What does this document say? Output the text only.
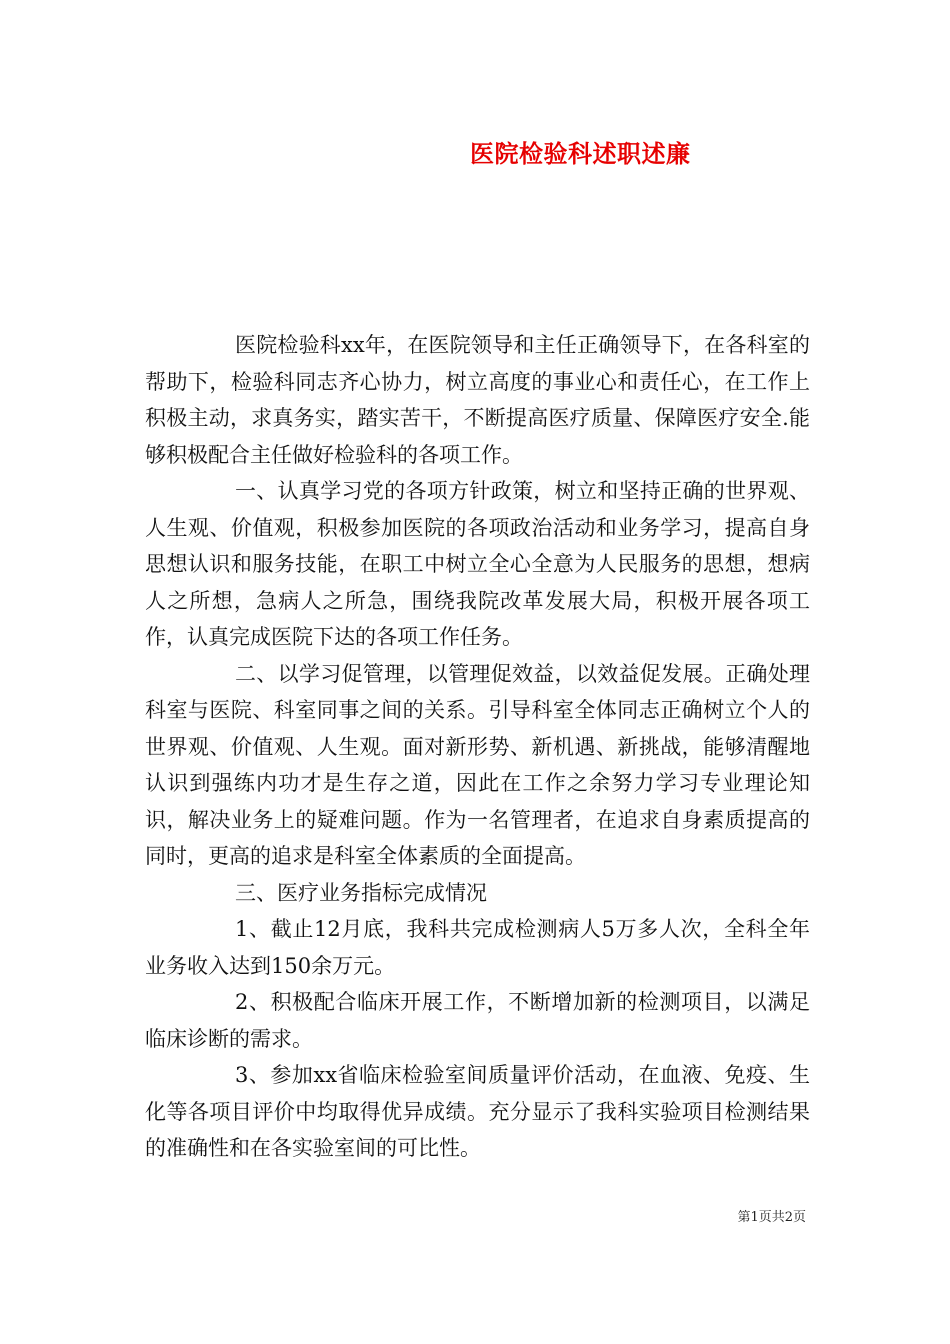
医院检验科述职述廉

医院检验科xx年，在医院领导和主任正确领导下，在各科室的帮助下，检验科同志齐心协力，树立高度的事业心和责任心，在工作上积极主动，求真务实，踏实苦干，不断提高医疗质量、保障医疗安全.能够积极配合主任做好检验科的各项工作。

一、认真学习党的各项方针政策，树立和坚持正确的世界观、人生观、价值观，积极参加医院的各项政治活动和业务学习，提高自身思想认识和服务技能，在职工中树立全心全意为人民服务的思想，想病人之所想，急病人之所急，围绕我院改革发展大局，积极开展各项工作，认真完成医院下达的各项工作任务。

二、以学习促管理，以管理促效益，以效益促发展。正确处理科室与医院、科室同事之间的关系。引导科室全体同志正确树立个人的世界观、价值观、人生观。面对新形势、新机遇、新挑战，能够清醒地认识到强练内功才是生存之道，因此在工作之余努力学习专业理论知识，解决业务上的疑难问题。作为一名管理者，在追求自身素质提高的同时，更高的追求是科室全体素质的全面提高。

三、医疗业务指标完成情况

1、截止12月底，我科共完成检测病人5万多人次，全科全年业务收入达到150余万元。

2、积极配合临床开展工作，不断增加新的检测项目，以满足临床诊断的需求。

3、参加xx省临床检验室间质量评价活动，在血液、免疫、生化等各项目评价中均取得优异成绩。充分显示了我科实验项目检测结果的准确性和在各实验室间的可比性。

第1页共2页
